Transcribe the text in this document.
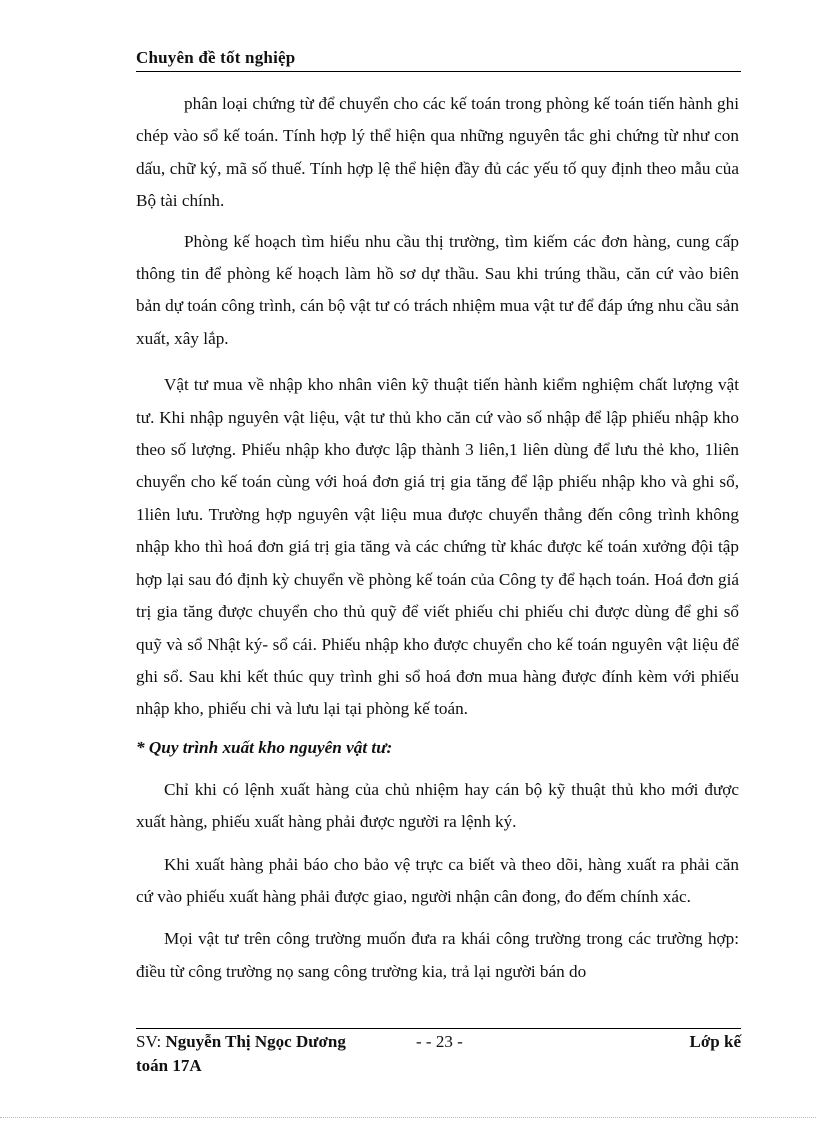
Chuyên đề tốt nghiệp

phân loại chứng từ để chuyển cho các kế toán trong phòng kế toán tiến hành ghi chép vào sổ kế toán. Tính hợp lý thể hiện qua những nguyên tắc ghi chứng từ như con dấu, chữ ký, mã số thuế. Tính hợp lệ thể hiện đầy đủ các yếu tố quy định theo mẫu của Bộ tài chính.

Phòng kế hoạch tìm hiểu nhu cầu thị trường, tìm kiếm các đơn hàng, cung cấp thông tin để phòng kế hoạch làm hồ sơ dự thầu. Sau khi trúng thầu, căn cứ vào biên bản dự toán công trình, cán bộ vật tư có trách nhiệm mua vật tư để đáp ứng nhu cầu sản xuất, xây lắp.

Vật tư mua về nhập kho nhân viên kỹ thuật tiến hành kiểm nghiệm chất lượng vật tư. Khi nhập nguyên vật liệu, vật tư thủ kho căn cứ vào số nhập để lập phiếu nhập kho theo số lượng. Phiếu nhập kho được lập thành 3 liên,1 liên dùng để lưu thẻ kho, 1liên chuyển cho kế toán cùng với hoá đơn giá trị gia tăng để lập phiếu nhập kho và ghi sổ, 1liên lưu. Trường hợp nguyên vật liệu mua được chuyển thẳng đến công trình không nhập kho thì hoá đơn giá trị gia tăng và các chứng từ khác được kế toán xưởng đội tập hợp lại sau đó định kỳ chuyển về phòng kế toán của Công ty để hạch toán. Hoá đơn giá trị gia tăng được chuyển cho thủ quỹ để viết phiếu chi phiếu chi được dùng để ghi sổ quỹ và sổ Nhật ký- sổ cái. Phiếu nhập kho được chuyển cho kế toán nguyên vật liệu để ghi sổ. Sau khi kết thúc quy trình ghi sổ hoá đơn mua hàng được đính kèm với phiếu nhập kho, phiếu chi và lưu lại tại phòng kế toán.

* Quy trình xuất kho nguyên vật tư:

Chỉ khi có lệnh xuất hàng của chủ nhiệm hay cán bộ kỹ thuật thủ kho mới được xuất hàng, phiếu xuất hàng phải được người ra lệnh ký.

Khi xuất hàng phải báo cho bảo vệ trực ca biết và theo dõi, hàng xuất ra phải căn cứ vào phiếu xuất hàng phải được giao, người nhận cân đong, đo đếm chính xác.

Mọi vật tư trên công trường muốn đưa ra khái công trường trong các trường hợp: điều từ công trường nọ sang công trường kia, trả lại người bán do

SV: Nguyễn Thị Ngọc Dương	- - 23 -	Lớp kế
toán 17A
